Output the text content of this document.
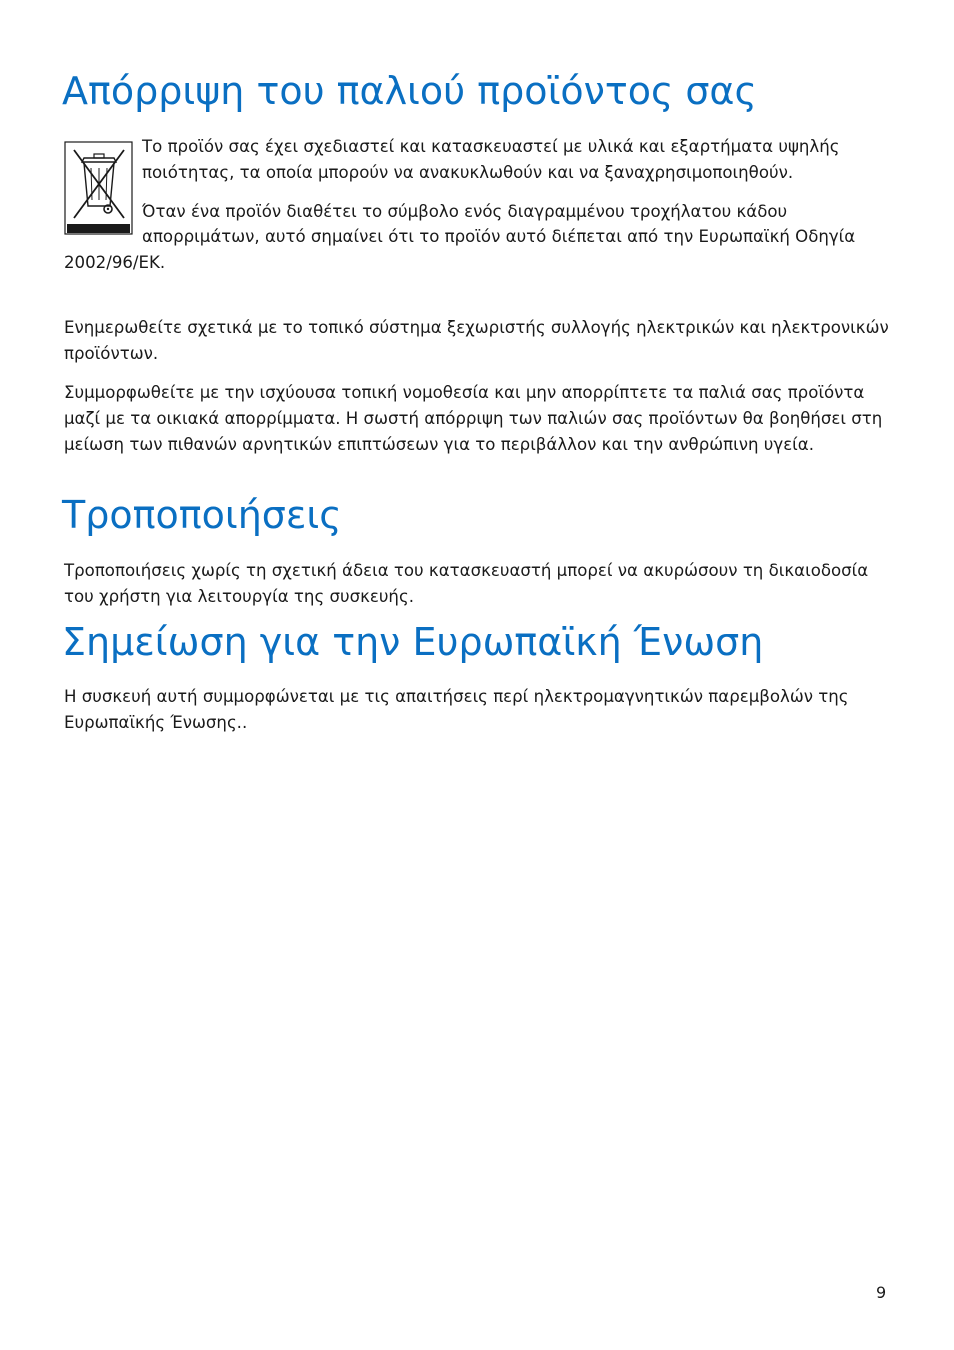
Απόρριψη του παλιού προϊόντος σας

Το προϊόν σας έχει σχεδιαστεί και κατασκευαστεί με υλικά και εξαρτήματα υψηλής ποιότητας, τα οποία μπορούν να ανακυκλωθούν και να ξαναχρησιμοποιηθούν.

Όταν ένα προϊόν διαθέτει το σύμβολο ενός διαγραμμένου τροχήλατου κάδου απορριμάτων, αυτό σημαίνει ότι το προϊόν αυτό διέπεται από την Ευρωπαϊκή Οδηγία 2002/96/ΕΚ.

Ενημερωθείτε σχετικά με το τοπικό σύστημα ξεχωριστής συλλογής ηλεκτρικών και ηλεκτρονικών προϊόντων.

Συμμορφωθείτε με την ισχύουσα τοπική νομοθεσία και μην απορρίπτετε τα παλιά σας προϊόντα μαζί με τα οικιακά απορρίμματα. Η σωστή απόρριψη των παλιών σας προϊόντων θα βοηθήσει στη μείωση των πιθανών αρνητικών επιπτώσεων για το περιβάλλον και την ανθρώπινη υγεία.

Τροποποιήσεις

Τροποποιήσεις χωρίς τη σχετική άδεια του κατασκευαστή μπορεί να ακυρώσουν τη δικαιοδοσία του χρήστη για λειτουργία της συσκευής.

Σημείωση για την Ευρωπαϊκή Ένωση

Η συσκευή αυτή συμμορφώνεται με τις απαιτήσεις περί ηλεκτρομαγνητικών παρεμβολών της Ευρωπαϊκής Ένωσης..

9
